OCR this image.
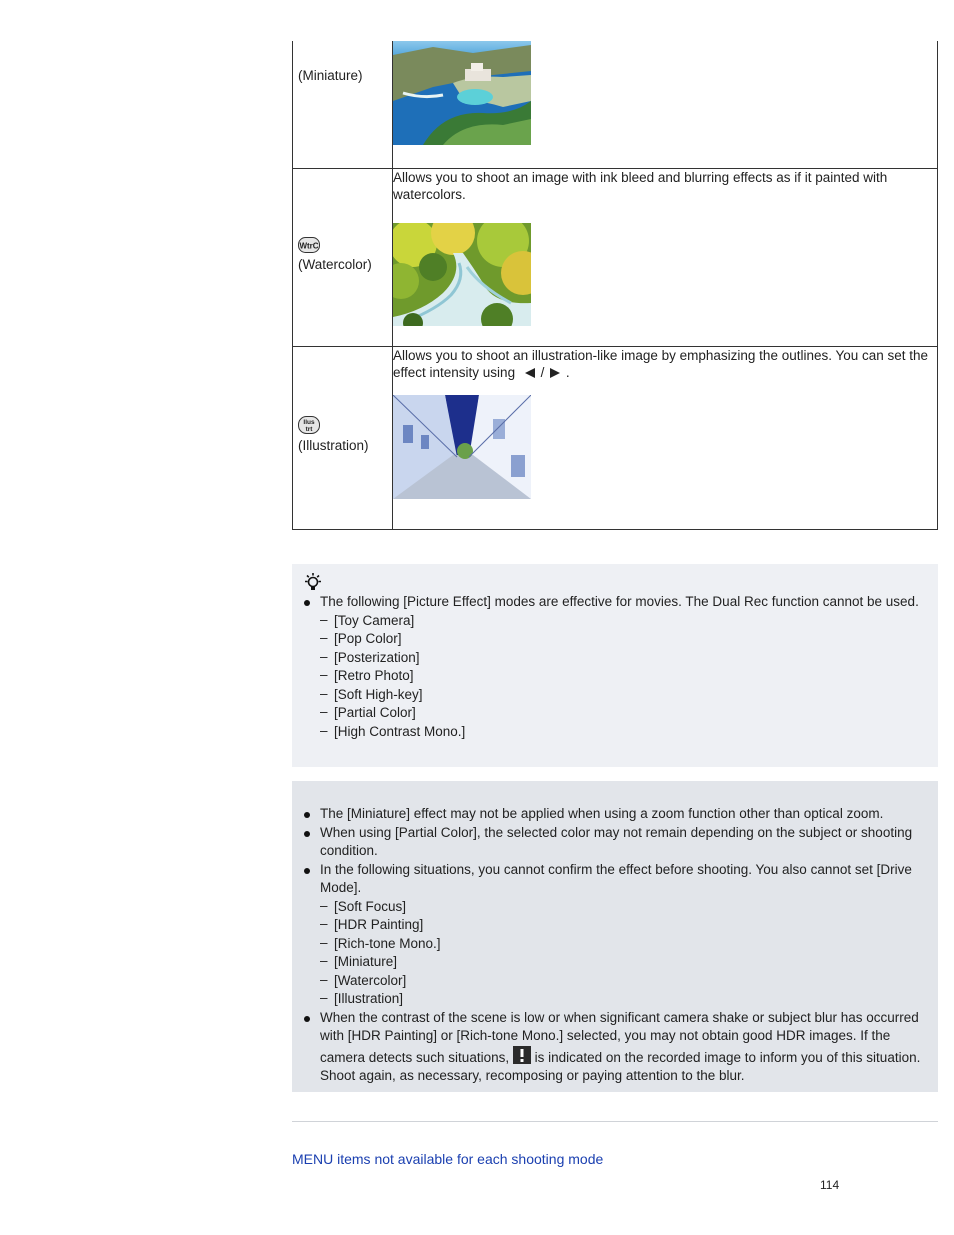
(Miniature)

WtrC
(Watercolor)	Allows you to shoot an image with ink bleed and blurring effects as if it painted with watercolors.

Ilus
trt
(Illustration)	Allows you to shoot an illustration-like image by emphasizing the outlines. You can set the effect intensity using / .

The following [Picture Effect] modes are effective for movies. The Dual Rec function cannot be used.
– [Toy Camera]
– [Pop Color]
– [Posterization]
– [Retro Photo]
– [Soft High-key]
– [Partial Color]
– [High Contrast Mono.]
The [Miniature] effect may not be applied when using a zoom function other than optical zoom.
When using [Partial Color], the selected color may not remain depending on the subject or shooting condition.
In the following situations, you cannot confirm the effect before shooting. You also cannot set [Drive Mode].
– [Soft Focus]
– [HDR Painting]
– [Rich-tone Mono.]
– [Miniature]
– [Watercolor]
– [Illustration]
When the contrast of the scene is low or when significant camera shake or subject blur has occurred with [HDR Painting] or [Rich-tone Mono.] selected, you may not obtain good HDR images. If the camera detects such situations, is indicated on the recorded image to inform you of this situation. Shoot again, as necessary, recomposing or paying attention to the blur.
MENU items not available for each shooting mode
114
